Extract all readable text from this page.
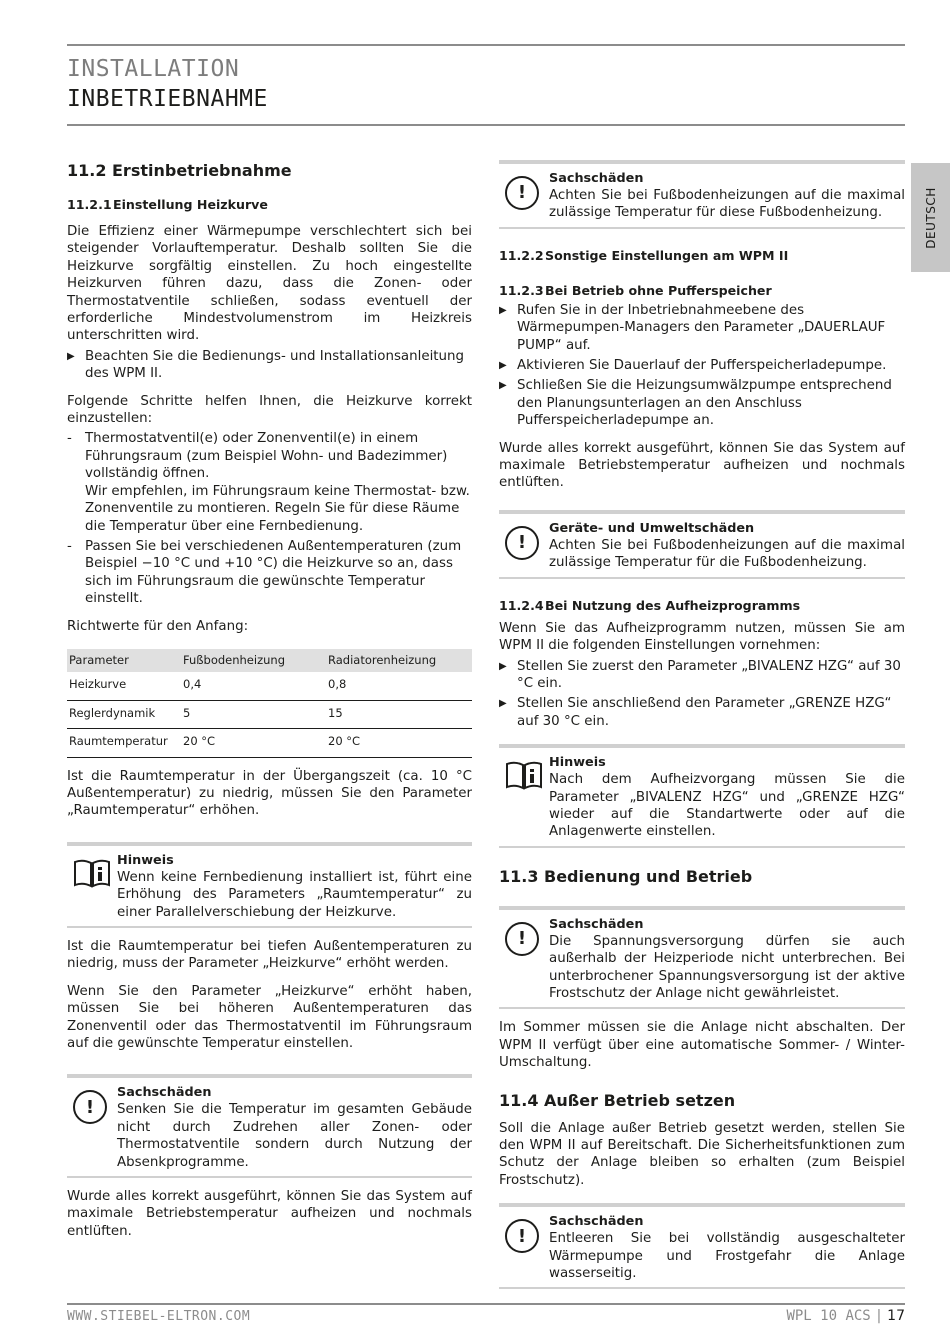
INSTALLATION
INBETRIEBNAHME
DEUTSCH
11.2 Erstinbetriebnahme
11.2.1 Einstellung Heizkurve

Die Effizienz einer Wärmepumpe verschlechtert sich bei steigender Vorlauftemperatur. Deshalb sollten Sie die Heizkurve sorgfältig einstellen. Zu hoch eingestellte Heizkurven führen dazu, dass die Zonen- oder Thermostatventile schließen, sodass eventuell der erforderliche Mindestvolumenstrom im Heizkreis unterschritten wird.

▶ Beachten Sie die Bedienungs- und Installationsanleitung des WPM II.

Folgende Schritte helfen Ihnen, die Heizkurve korrekt einzustellen:

- Thermostatventil(e) oder Zonenventil(e) in einem Führungsraum (zum Beispiel Wohn- und Badezimmer) vollständig öffnen.
Wir empfehlen, im Führungsraum keine Thermostat- bzw. Zonenventile zu montieren. Regeln Sie für diese Räume die Temperatur über eine Fernbedienung.
- Passen Sie bei verschiedenen Außentemperaturen (zum Beispiel −10 °C und +10 °C) die Heizkurve so an, dass sich im Führungsraum die gewünschte Temperatur einstellt.

Richtwerte für den Anfang:

Parameter	Fußbodenheizung	Radiatorenheizung
Heizkurve	0,4	0,8
Reglerdynamik	5	15
Raumtemperatur	20 °C	20 °C

Ist die Raumtemperatur in der Übergangszeit (ca. 10 °C Außentemperatur) zu niedrig, müssen Sie den Parameter „Raumtemperatur“ erhöhen.

Hinweis

Wenn keine Fernbedienung installiert ist, führt eine Erhöhung des Parameters „Raumtemperatur“ zu einer Parallelverschiebung der Heizkurve.

Ist die Raumtemperatur bei tiefen Außentemperaturen zu niedrig, muss der Parameter „Heizkurve“ erhöht werden.

Wenn Sie den Parameter „Heizkurve“ erhöht haben, müssen Sie bei höheren Außentemperaturen das Zonenventil oder das Thermostatventil im Führungsraum auf die gewünschte Temperatur einstellen.

!
Sachschäden

Senken Sie die Temperatur im gesamten Gebäude nicht durch Zudrehen aller Zonen- oder Thermostatventile sondern durch Nutzung der Absenkprogramme.

Wurde alles korrekt ausgeführt, können Sie das System auf maximale Betriebstemperatur aufheizen und nochmals entlüften.

!
Sachschäden

Achten Sie bei Fußbodenheizungen auf die maximal zulässige Temperatur für diese Fußbodenheizung.

11.2.2 Sonstige Einstellungen am WPM II
11.2.3 Bei Betrieb ohne Pufferspeicher
▶ Rufen Sie in der Inbetriebnahmeebene des Wärmepumpen-Managers den Parameter „DAUERLAUF PUMP“ auf.
▶ Aktivieren Sie Dauerlauf der Pufferspeicherladepumpe.
▶ Schließen Sie die Heizungsumwälzpumpe entsprechend den Planungsunterlagen an den Anschluss Pufferspeicherladepumpe an.

Wurde alles korrekt ausgeführt, können Sie das System auf maximale Betriebstemperatur aufheizen und nochmals entlüften.

!
Geräte- und Umweltschäden

Achten Sie bei Fußbodenheizungen auf die maximal zulässige Temperatur für die Fußbodenheizung.

11.2.4 Bei Nutzung des Aufheizprogramms

Wenn Sie das Aufheizprogramm nutzen, müssen Sie am WPM II die folgenden Einstellungen vornehmen:

▶ Stellen Sie zuerst den Parameter „BIVALENZ HZG“ auf 30 °C ein.
▶ Stellen Sie anschließend den Parameter „GRENZE HZG“ auf 30 °C ein.
Hinweis

Nach dem Aufheizvorgang müssen Sie die Parameter „BIVALENZ HZG“ und „GRENZE HZG“ wieder auf die Standartwerte oder auf die Anlagenwerte einstellen.

11.3 Bedienung und Betrieb
!
Sachschäden

Die Spannungsversorgung dürfen sie auch außerhalb der Heizperiode nicht unterbrechen. Bei unterbrochener Spannungsversorgung ist der aktive Frostschutz der Anlage nicht gewährleistet.

Im Sommer müssen sie die Anlage nicht abschalten. Der WPM II verfügt über eine automatische Sommer- / Winter-Umschaltung.

11.4 Außer Betrieb setzen

Soll die Anlage außer Betrieb gesetzt werden, stellen Sie den WPM II auf Bereitschaft. Die Sicherheitsfunktionen zum Schutz der Anlage bleiben so erhalten (zum Beispiel Frostschutz).

!
Sachschäden

Entleeren Sie bei vollständig ausgeschalteter Wärmepumpe und Frostgefahr die Anlage wasserseitig.

WWW.STIEBEL-ELTRON.COM	WPL 10 ACS | 17
